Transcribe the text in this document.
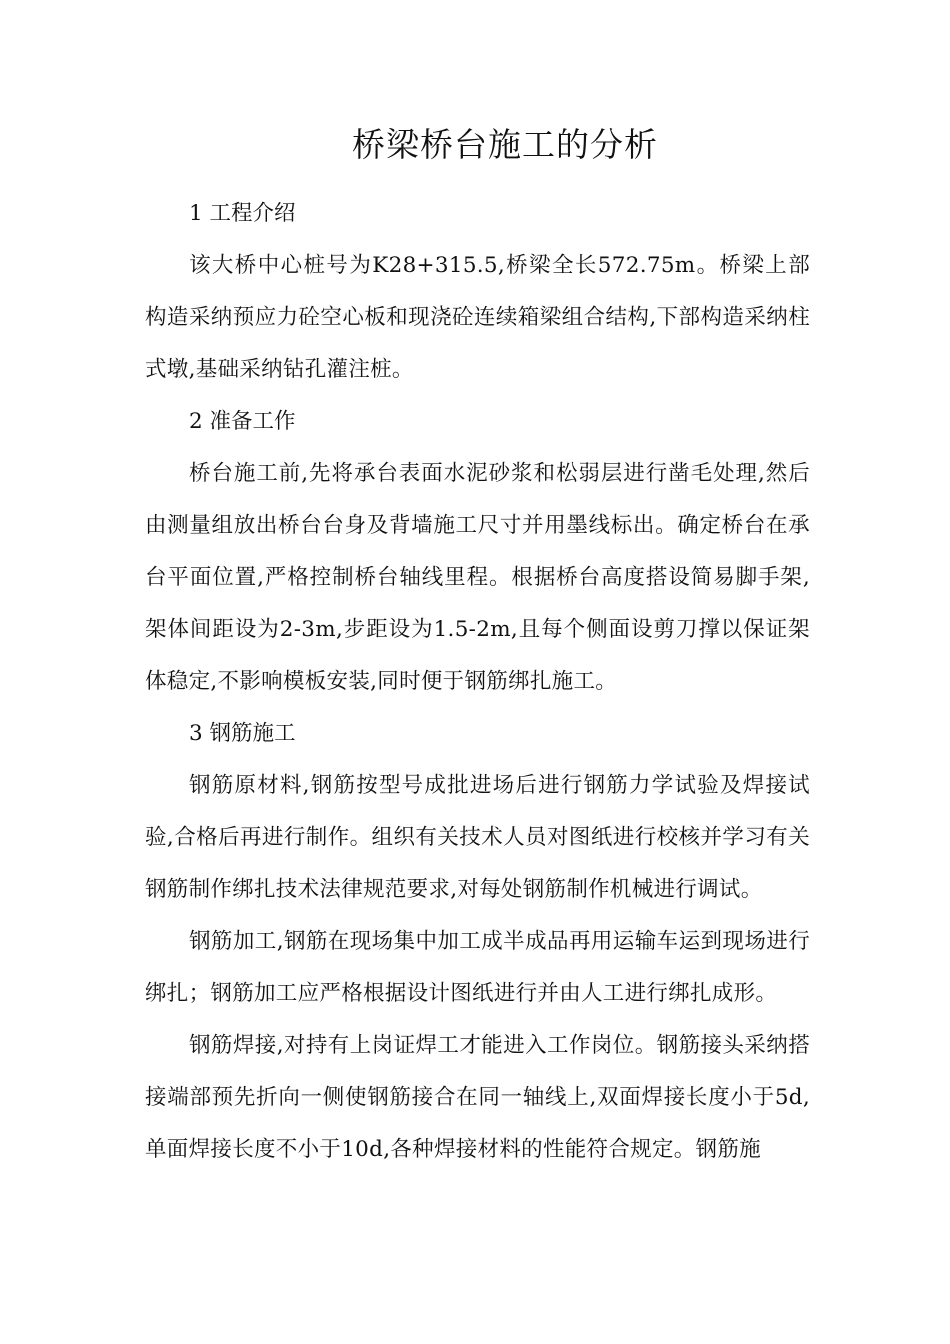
桥梁桥台施工的分析

1 工程介绍

该大桥中心桩号为K28+315.5,桥梁全长572.75m。桥梁上部构造采纳预应力砼空心板和现浇砼连续箱梁组合结构,下部构造采纳柱式墩,基础采纳钻孔灌注桩。

2 准备工作

桥台施工前,先将承台表面水泥砂浆和松弱层进行凿毛处理,然后由测量组放出桥台台身及背墙施工尺寸并用墨线标出。确定桥台在承台平面位置,严格控制桥台轴线里程。根据桥台高度搭设简易脚手架,架体间距设为2-3m,步距设为1.5-2m,且每个侧面设剪刀撑以保证架体稳定,不影响模板安装,同时便于钢筋绑扎施工。

3 钢筋施工

钢筋原材料,钢筋按型号成批进场后进行钢筋力学试验及焊接试验,合格后再进行制作。组织有关技术人员对图纸进行校核并学习有关钢筋制作绑扎技术法律规范要求,对每处钢筋制作机械进行调试。

钢筋加工,钢筋在现场集中加工成半成品再用运输车运到现场进行绑扎；钢筋加工应严格根据设计图纸进行并由人工进行绑扎成形。

钢筋焊接,对持有上岗证焊工才能进入工作岗位。钢筋接头采纳搭接端部预先折向一侧使钢筋接合在同一轴线上,双面焊接长度小于5d,单面焊接长度不小于10d,各种焊接材料的性能符合规定。钢筋施
